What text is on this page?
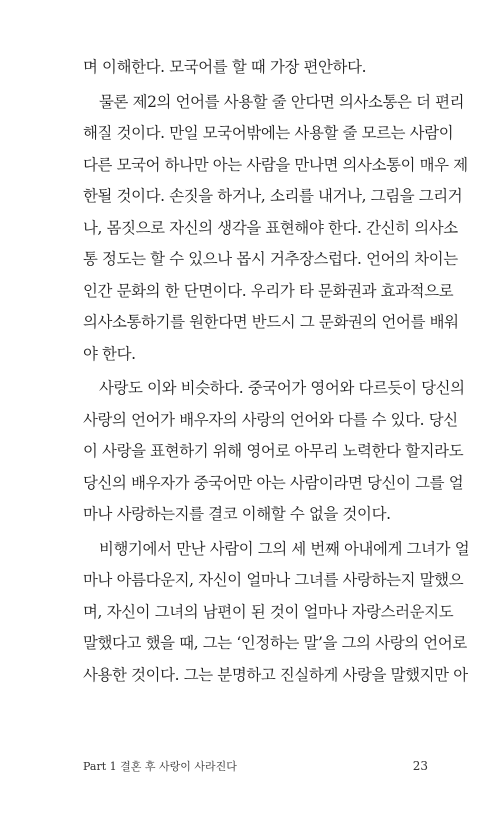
며 이해한다. 모국어를 할 때 가장 편안하다.
물론 제2의 언어를 사용할 줄 안다면 의사소통은 더 편리
해질 것이다. 만일 모국어밖에는 사용할 줄 모르는 사람이
다른 모국어 하나만 아는 사람을 만나면 의사소통이 매우 제
한될 것이다. 손짓을 하거나, 소리를 내거나, 그림을 그리거
나, 몸짓으로 자신의 생각을 표현해야 한다. 간신히 의사소
통 정도는 할 수 있으나 몹시 거추장스럽다. 언어의 차이는
인간 문화의 한 단면이다. 우리가 타 문화권과 효과적으로
의사소통하기를 원한다면 반드시 그 문화권의 언어를 배워
야 한다.
사랑도 이와 비슷하다. 중국어가 영어와 다르듯이 당신의
사랑의 언어가 배우자의 사랑의 언어와 다를 수 있다. 당신
이 사랑을 표현하기 위해 영어로 아무리 노력한다 할지라도
당신의 배우자가 중국어만 아는 사람이라면 당신이 그를 얼
마나 사랑하는지를 결코 이해할 수 없을 것이다.
비행기에서 만난 사람이 그의 세 번째 아내에게 그녀가 얼
마나 아름다운지, 자신이 얼마나 그녀를 사랑하는지 말했으
며, 자신이 그녀의 남편이 된 것이 얼마나 자랑스러운지도
말했다고 했을 때, 그는 ‘인정하는 말’을 그의 사랑의 언어로
사용한 것이다. 그는 분명하고 진실하게 사랑을 말했지만 아
Part 1 결혼 후 사랑이 사라진다	23
